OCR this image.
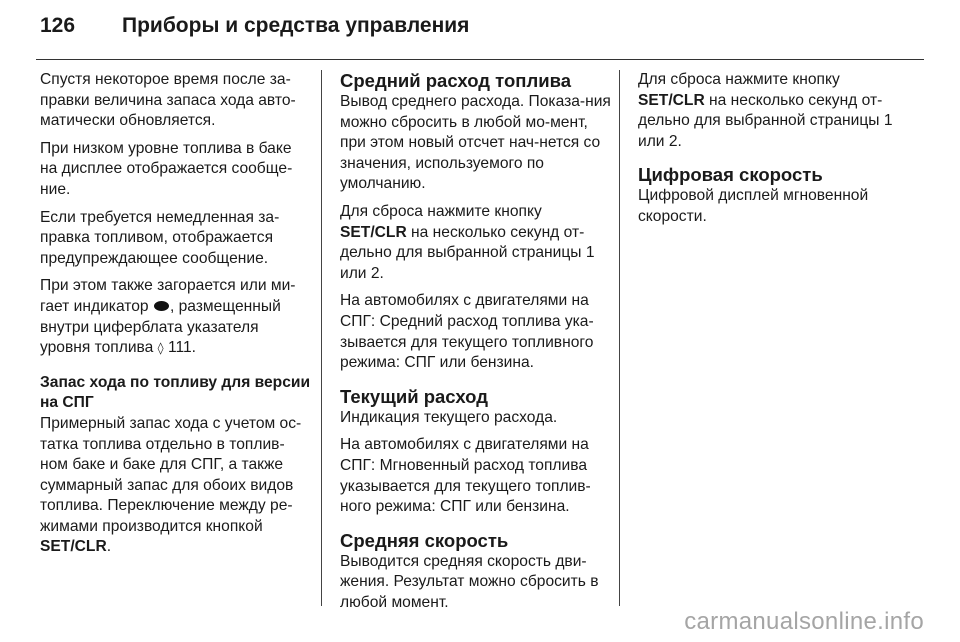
126 Приборы и средства управления

Спустя некоторое время после за-правки величина запаса хода авто-матически обновляется.

При низком уровне топлива в баке на дисплее отображается сообще-ние.

Если требуется немедленная за-правка топливом, отображается предупреждающее сообщение.

При этом также загорается или ми-гает индикатор , размещенный внутри циферблата указателя уровня топлива ◊ 111.

Запас хода по топливу для версии на СПГ

Примерный запас хода с учетом ос-татка топлива отдельно в топлив-ном баке и баке для СПГ, а также суммарный запас для обоих видов топлива. Переключение между ре-жимами производится кнопкой SET/CLR.

Средний расход топлива

Вывод среднего расхода. Показа-ния можно сбросить в любой мо-мент, при этом новый отсчет нач-нется со значения, используемого по умолчанию.

Для сброса нажмите кнопку
SET/CLR на несколько секунд от-дельно для выбранной страницы 1 или 2.

На автомобилях с двигателями на СПГ: Средний расход топлива ука-зывается для текущего топливного режима: СПГ или бензина.

Текущий расход

Индикация текущего расхода.

На автомобилях с двигателями на СПГ: Мгновенный расход топлива указывается для текущего топлив-ного режима: СПГ или бензина.

Средняя скорость

Выводится средняя скорость дви-жения. Результат можно сбросить в любой момент.

Для сброса нажмите кнопку
SET/CLR на несколько секунд от-дельно для выбранной страницы 1 или 2.

Цифровая скорость

Цифровой дисплей мгновенной скорости.

carmanualsonline.info
